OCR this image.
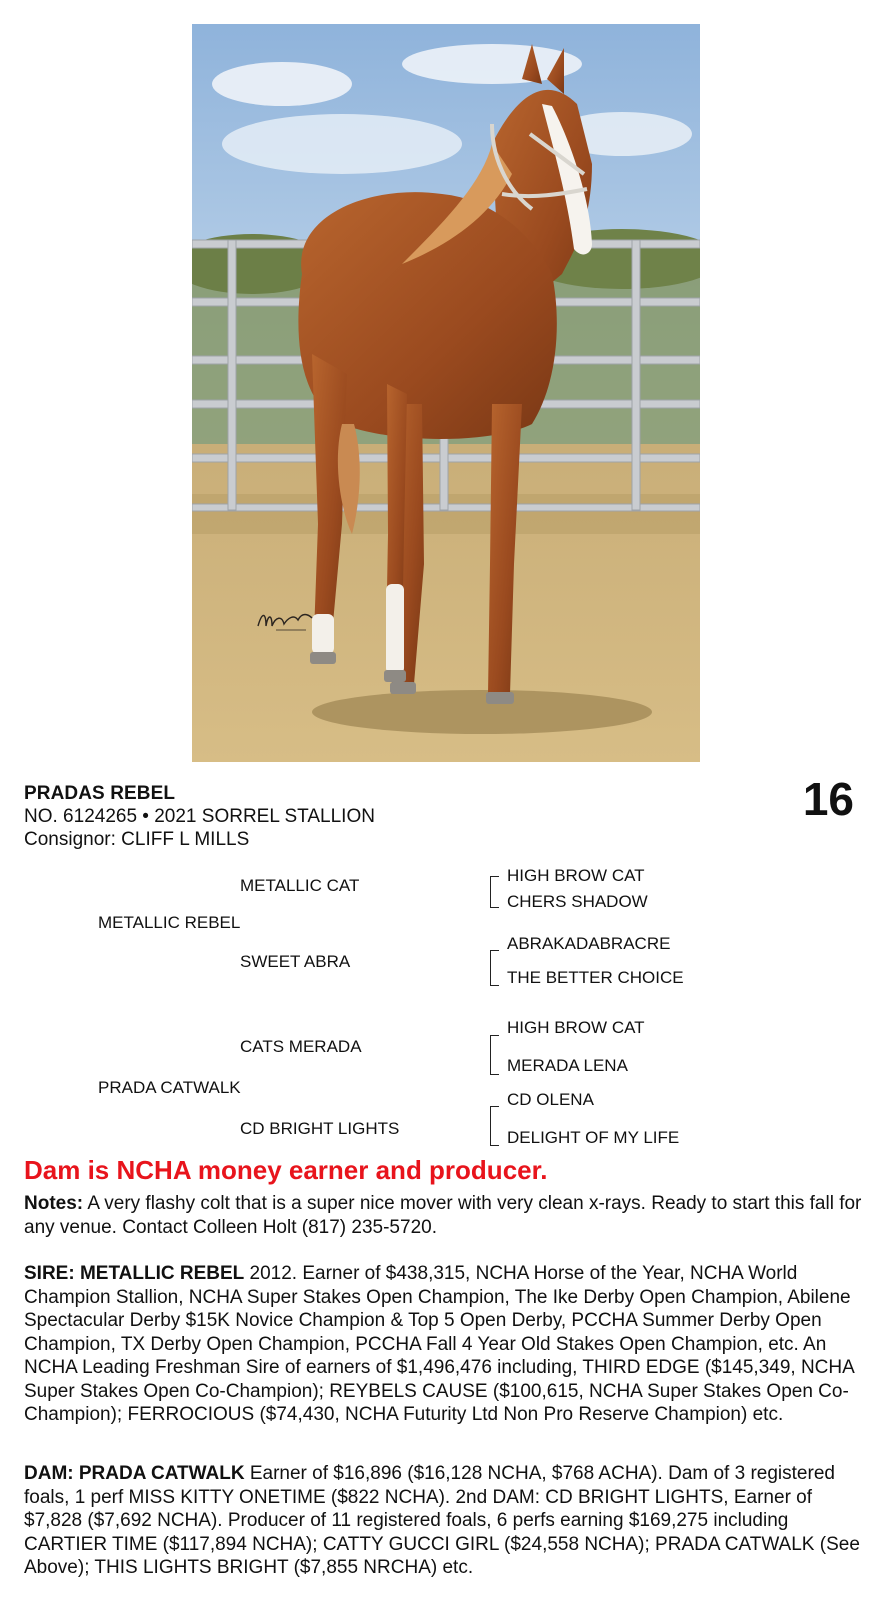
PRADAS REBEL
NO. 6124265 • 2021 SORREL STALLION
Consignor: CLIFF L MILLS
16
METALLIC REBEL
PRADA CATWALK
METALLIC CAT
SWEET ABRA
CATS MERADA
CD BRIGHT LIGHTS
HIGH BROW CAT
CHERS SHADOW
ABRAKADABRACRE
THE BETTER CHOICE
HIGH BROW CAT
MERADA LENA
CD OLENA
DELIGHT OF MY LIFE
Dam is NCHA money earner and producer.
Notes: A very flashy colt that is a super nice mover with very clean x-rays. Ready to start this fall for any venue. Contact Colleen Holt (817) 235-5720.
SIRE: METALLIC REBEL 2012. Earner of $438,315, NCHA Horse of the Year, NCHA World Champion Stallion, NCHA Super Stakes Open Champion, The Ike Derby Open Champion, Abilene Spectacular Derby $15K Novice Champion & Top 5 Open Derby, PCCHA Summer Derby Open Champion, TX Derby Open Champion, PCCHA Fall 4 Year Old Stakes Open Champion, etc. An NCHA Leading Freshman Sire of earners of $1,496,476 including, THIRD EDGE ($145,349, NCHA Super Stakes Open Co-Champion); REYBELS CAUSE ($100,615, NCHA Super Stakes Open Co-Champion); FERROCIOUS ($74,430, NCHA Futurity Ltd Non Pro Reserve Champion) etc.
DAM: PRADA CATWALK Earner of $16,896 ($16,128 NCHA, $768 ACHA). Dam of 3 registered foals, 1 perf MISS KITTY ONETIME ($822 NCHA). 2nd DAM: CD BRIGHT LIGHTS, Earner of $7,828 ($7,692 NCHA). Producer of 11 registered foals, 6 perfs earning $169,275 including CARTIER TIME ($117,894 NCHA); CATTY GUCCI GIRL ($24,558 NCHA); PRADA CATWALK (See Above); THIS LIGHTS BRIGHT ($7,855 NRCHA) etc.
